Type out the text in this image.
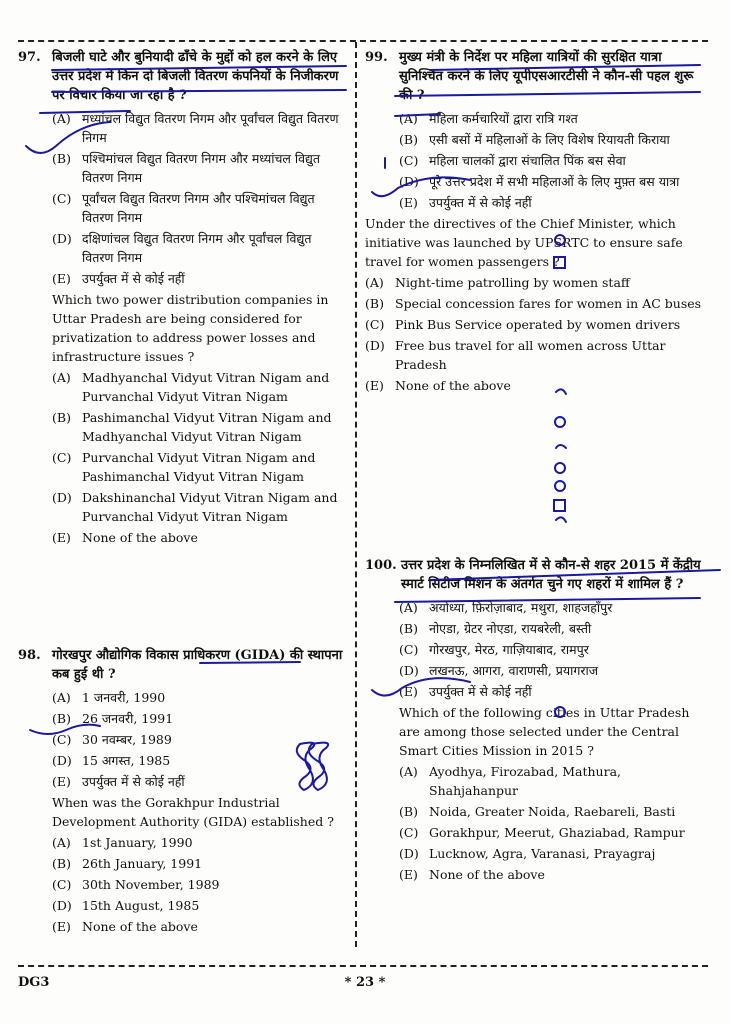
97. बिजली घाटे और बुनियादी ढाँचे के मुद्दों को हल करने के लिए उत्तर प्रदेश में किन दो बिजली वितरण कंपनियों के निजीकरण पर विचार किया जा रहा है ?
(A) मध्यांचल विद्युत वितरण निगम और पूर्वांचल विद्युत वितरण निगम
(B) पश्चिमांचल विद्युत वितरण निगम और मध्यांचल विद्युत वितरण निगम
(C) पूर्वांचल विद्युत वितरण निगम और पश्चिमांचल विद्युत वितरण निगम
(D) दक्षिणांचल विद्युत वितरण निगम और पूर्वांचल विद्युत वितरण निगम
(E) उपर्युक्त में से कोई नहीं
Which two power distribution companies in Uttar Pradesh are being considered for privatization to address power losses and infrastructure issues ?
(A) Madhyanchal Vidyut Vitran Nigam and Purvanchal Vidyut Vitran Nigam
(B) Pashimanchal Vidyut Vitran Nigam and Madhyanchal Vidyut Vitran Nigam
(C) Purvanchal Vidyut Vitran Nigam and Pashimanchal Vidyut Vitran Nigam
(D) Dakshinanchal Vidyut Vitran Nigam and Purvanchal Vidyut Vitran Nigam
(E) None of the above
98. गोरखपुर औद्योगिक विकास प्राधिकरण (GIDA) की स्थापना कब हुई थी ?
(A) 1 जनवरी, 1990
(B) 26 जनवरी, 1991
(C) 30 नवम्बर, 1989
(D) 15 अगस्त, 1985
(E) उपर्युक्त में से कोई नहीं
When was the Gorakhpur Industrial Development Authority (GIDA) established ?
(A) 1st January, 1990
(B) 26th January, 1991
(C) 30th November, 1989
(D) 15th August, 1985
(E) None of the above
99. मुख्य मंत्री के निर्देश पर महिला यात्रियों की सुरक्षित यात्रा सुनिश्चित करने के लिए यूपीएसआरटीसी ने कौन-सी पहल शुरू की ?
(A) महिला कर्मचारियों द्वारा रात्रि गश्त
(B) एसी बसों में महिलाओं के लिए विशेष रियायती किराया
(C) महिला चालकों द्वारा संचालित पिंक बस सेवा
(D) पूरे उत्तर प्रदेश में सभी महिलाओं के लिए मुफ़्त बस यात्रा
(E) उपर्युक्त में से कोई नहीं
Under the directives of the Chief Minister, which initiative was launched by UPSRTC to ensure safe travel for women passengers ?
(A) Night-time patrolling by women staff
(B) Special concession fares for women in AC buses
(C) Pink Bus Service operated by women drivers
(D) Free bus travel for all women across Uttar Pradesh
(E) None of the above
100. उत्तर प्रदेश के निम्नलिखित में से कौन-से शहर 2015 में केंद्रीय स्मार्ट सिटीज मिशन के अंतर्गत चुने गए शहरों में शामिल हैं ?
(A) अयोध्या, फ़िरोज़ाबाद, मथुरा, शाहजहाँपुर
(B) नोएडा, ग्रेटर नोएडा, रायबरेली, बस्ती
(C) गोरखपुर, मेरठ, गाज़ियाबाद, रामपुर
(D) लखनऊ, आगरा, वाराणसी, प्रयागराज
(E) उपर्युक्त में से कोई नहीं
Which of the following cities in Uttar Pradesh are among those selected under the Central Smart Cities Mission in 2015 ?
(A) Ayodhya, Firozabad, Mathura, Shahjahanpur
(B) Noida, Greater Noida, Raebareli, Basti
(C) Gorakhpur, Meerut, Ghaziabad, Rampur
(D) Lucknow, Agra, Varanasi, Prayagraj
(E) None of the above
DG3	* 23 *
